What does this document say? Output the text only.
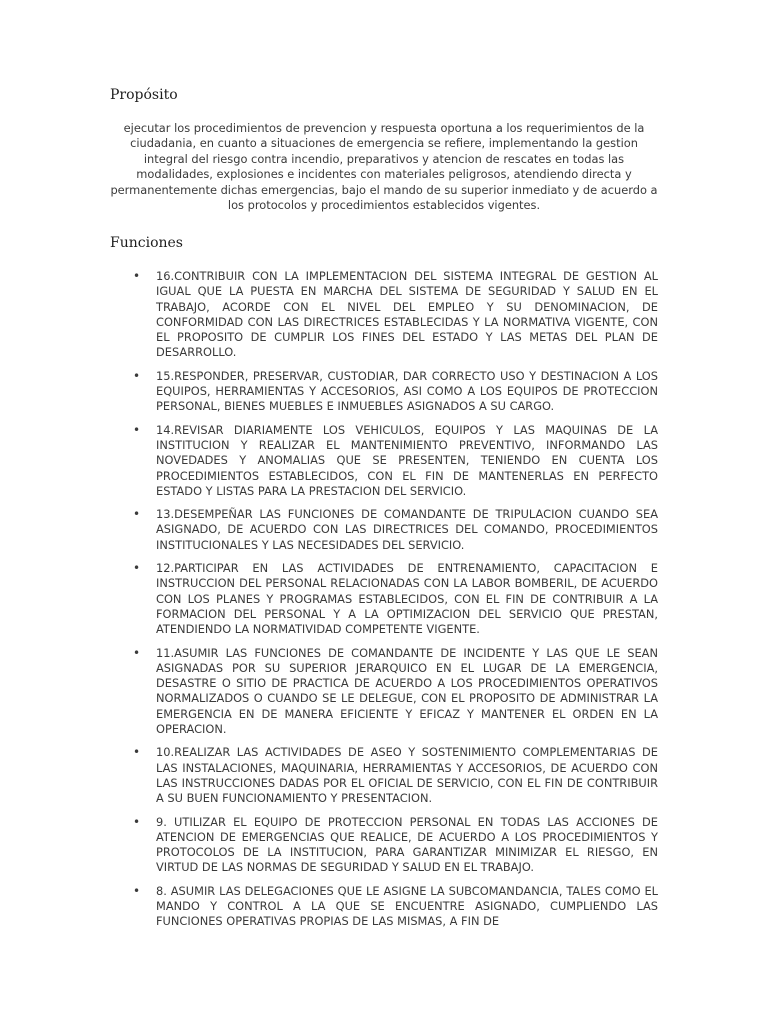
Propósito

ejecutar los procedimientos de prevencion y respuesta oportuna a los requerimientos de la ciudadania, en cuanto a situaciones de emergencia se refiere, implementando la gestion integral del riesgo contra incendio, preparativos y atencion de rescates en todas las modalidades, explosiones e incidentes con materiales peligrosos, atendiendo directa y permanentemente dichas emergencias, bajo el mando de su superior inmediato y de acuerdo a los protocolos y procedimientos establecidos vigentes.

Funciones
• 16.CONTRIBUIR CON LA IMPLEMENTACION DEL SISTEMA INTEGRAL DE GESTION AL IGUAL QUE LA PUESTA EN MARCHA DEL SISTEMA DE SEGURIDAD Y SALUD EN EL TRABAJO, ACORDE CON EL NIVEL DEL EMPLEO Y SU DENOMINACION, DE CONFORMIDAD CON LAS DIRECTRICES ESTABLECIDAS Y LA NORMATIVA VIGENTE, CON EL PROPOSITO DE CUMPLIR LOS FINES DEL ESTADO Y LAS METAS DEL PLAN DE DESARROLLO.
• 15.RESPONDER, PRESERVAR, CUSTODIAR, DAR CORRECTO USO Y DESTINACION A LOS EQUIPOS, HERRAMIENTAS Y ACCESORIOS, ASI COMO A LOS EQUIPOS DE PROTECCION PERSONAL, BIENES MUEBLES E INMUEBLES ASIGNADOS A SU CARGO.
• 14.REVISAR DIARIAMENTE LOS VEHICULOS, EQUIPOS Y LAS MAQUINAS DE LA INSTITUCION Y REALIZAR EL MANTENIMIENTO PREVENTIVO, INFORMANDO LAS NOVEDADES Y ANOMALIAS QUE SE PRESENTEN, TENIENDO EN CUENTA LOS PROCEDIMIENTOS ESTABLECIDOS, CON EL FIN DE MANTENERLAS EN PERFECTO ESTADO Y LISTAS PARA LA PRESTACION DEL SERVICIO.
• 13.DESEMPEÑAR LAS FUNCIONES DE COMANDANTE DE TRIPULACION CUANDO SEA ASIGNADO, DE ACUERDO CON LAS DIRECTRICES DEL COMANDO, PROCEDIMIENTOS INSTITUCIONALES Y LAS NECESIDADES DEL SERVICIO.
• 12.PARTICIPAR EN LAS ACTIVIDADES DE ENTRENAMIENTO, CAPACITACION E INSTRUCCION DEL PERSONAL RELACIONADAS CON LA LABOR BOMBERIL, DE ACUERDO CON LOS PLANES Y PROGRAMAS ESTABLECIDOS, CON EL FIN DE CONTRIBUIR A LA FORMACION DEL PERSONAL Y A LA OPTIMIZACION DEL SERVICIO QUE PRESTAN, ATENDIENDO LA NORMATIVIDAD COMPETENTE VIGENTE.
• 11.ASUMIR LAS FUNCIONES DE COMANDANTE DE INCIDENTE Y LAS QUE LE SEAN ASIGNADAS POR SU SUPERIOR JERARQUICO EN EL LUGAR DE LA EMERGENCIA, DESASTRE O SITIO DE PRACTICA DE ACUERDO A LOS PROCEDIMIENTOS OPERATIVOS NORMALIZADOS O CUANDO SE LE DELEGUE, CON EL PROPOSITO DE ADMINISTRAR LA EMERGENCIA EN DE MANERA EFICIENTE Y EFICAZ Y MANTENER EL ORDEN EN LA OPERACION.
• 10.REALIZAR LAS ACTIVIDADES DE ASEO Y SOSTENIMIENTO COMPLEMENTARIAS DE LAS INSTALACIONES, MAQUINARIA, HERRAMIENTAS Y ACCESORIOS, DE ACUERDO CON LAS INSTRUCCIONES DADAS POR EL OFICIAL DE SERVICIO, CON EL FIN DE CONTRIBUIR A SU BUEN FUNCIONAMIENTO Y PRESENTACION.
• 9. UTILIZAR EL EQUIPO DE PROTECCION PERSONAL EN TODAS LAS ACCIONES DE ATENCION DE EMERGENCIAS QUE REALICE, DE ACUERDO A LOS PROCEDIMIENTOS Y PROTOCOLOS DE LA INSTITUCION, PARA GARANTIZAR MINIMIZAR EL RIESGO, EN VIRTUD DE LAS NORMAS DE SEGURIDAD Y SALUD EN EL TRABAJO.
• 8. ASUMIR LAS DELEGACIONES QUE LE ASIGNE LA SUBCOMANDANCIA, TALES COMO EL MANDO Y CONTROL A LA QUE SE ENCUENTRE ASIGNADO, CUMPLIENDO LAS FUNCIONES OPERATIVAS PROPIAS DE LAS MISMAS, A FIN DE
